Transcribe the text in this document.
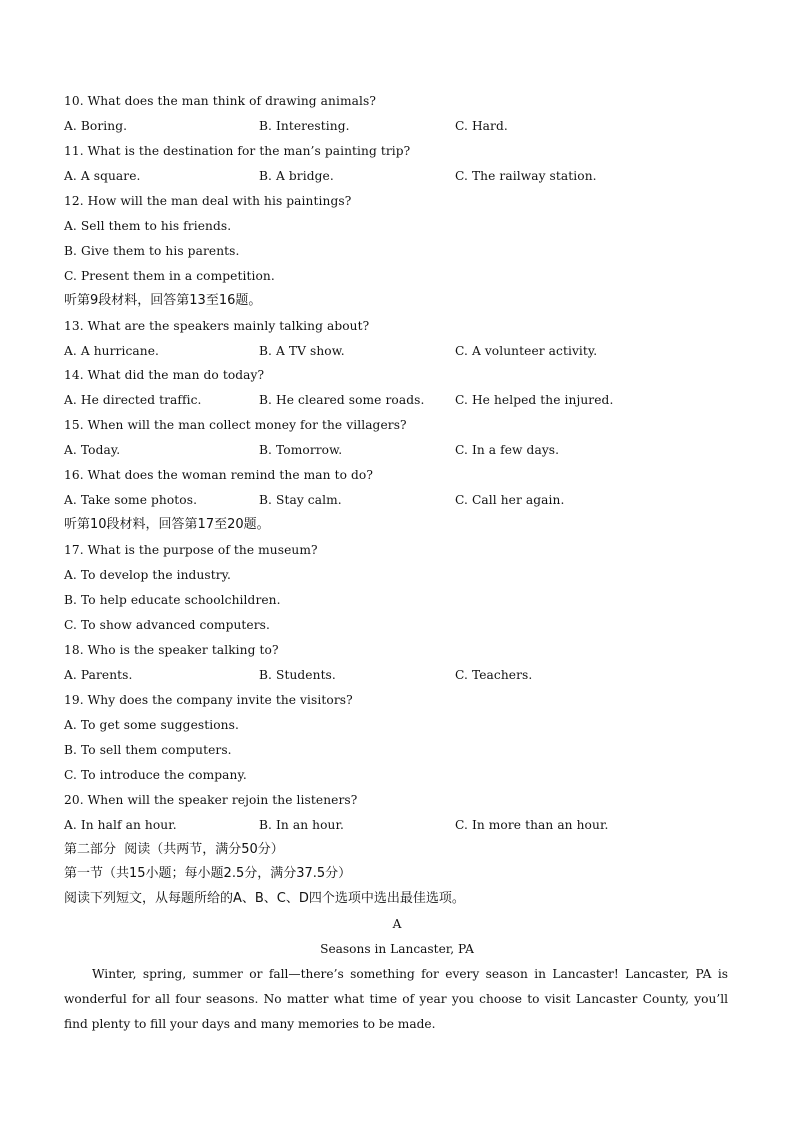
10. What does the man think of drawing animals?
A. Boring.	B. Interesting.	C. Hard.
11. What is the destination for the man’s painting trip?
A. A square.	B. A bridge.	C. The railway station.
12. How will the man deal with his paintings?
A. Sell them to his friends.
B. Give them to his parents.
C. Present them in a competition.
听第9段材料，回答第13至16题。
13. What are the speakers mainly talking about?
A. A hurricane.	B. A TV show.	C. A volunteer activity.
14. What did the man do today?
A. He directed traffic.	B. He cleared some roads.	C. He helped the injured.
15. When will the man collect money for the villagers?
A. Today.	B. Tomorrow.	C. In a few days.
16. What does the woman remind the man to do?
A. Take some photos.	B. Stay calm.	C. Call her again.
听第10段材料，回答第17至20题。
17. What is the purpose of the museum?
A. To develop the industry.
B. To help educate schoolchildren.
C. To show advanced computers.
18. Who is the speaker talking to?
A. Parents.	B. Students.	C. Teachers.
19. Why does the company invite the visitors?
A. To get some suggestions.
B. To sell them computers.
C. To introduce the company.
20. When will the speaker rejoin the listeners?
A. In half an hour.	B. In an hour.	C. In more than an hour.
第二部分  阅读（共两节，满分50分）
第一节（共15小题；每小题2.5分，满分37.5分）
阅读下列短文，从每题所给的A、B、C、D四个选项中选出最佳选项。
A
Seasons in Lancaster, PA
Winter, spring, summer or fall—there’s something for every season in Lancaster! Lancaster, PA is wonderful for all four seasons. No matter what time of year you choose to visit Lancaster County, you’ll find plenty to fill your days and many memories to be made.
